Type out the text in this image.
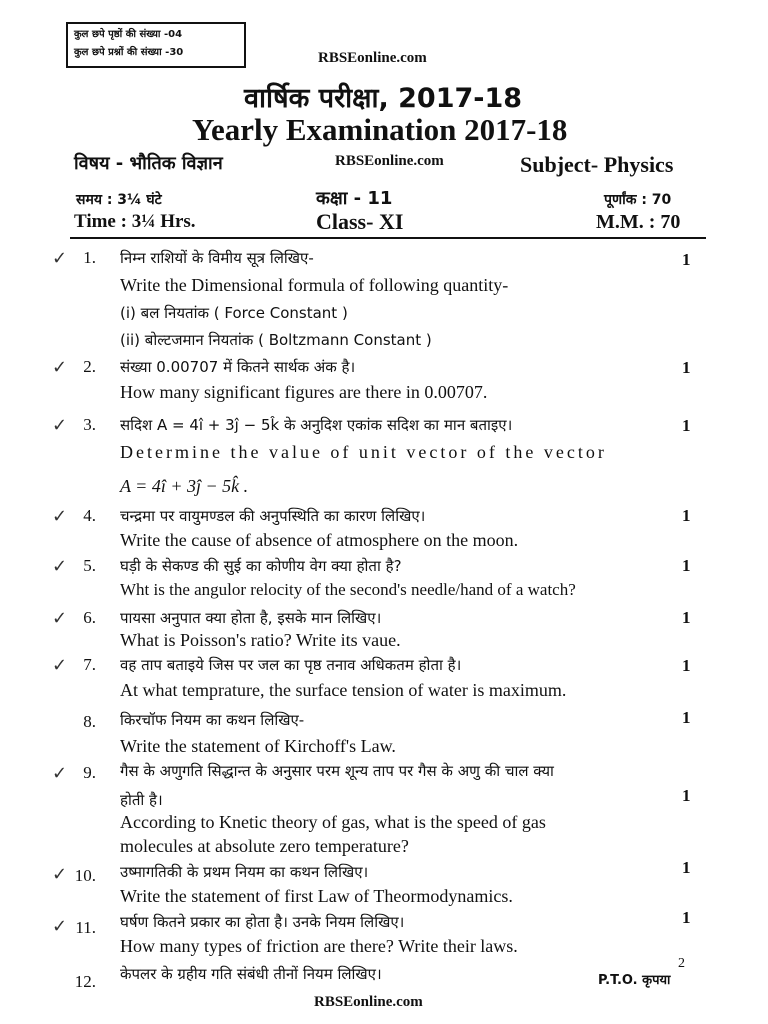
कुल छपे पृष्ठों की संख्या -04
कुल छपे प्रश्नों की संख्या -30	RBSEonline.com
वार्षिक परीक्षा, 2017-18
Yearly Examination 2017-18
विषय - भौतिक विज्ञान	RBSEonline.com	Subject- Physics
समय : 3¼ घंटे	कक्षा - 11	पूर्णांक : 70
Time : 3¼ Hrs.	Class- XI	M.M. : 70
✓ 1. निम्न राशियों के विमीय सूत्र लिखिए-	1
Write the Dimensional formula of following quantity-
(i) बल नियतांक ( Force Constant )
(ii) बोल्टजमान नियतांक ( Boltzmann Constant )
✓ 2. संख्या 0.00707 में कितने सार्थक अंक है।	1
How many significant figures are there in 0.00707.
✓ 3. सदिश A = 4î + 3ĵ − 5k̂ के अनुदिश एकांक सदिश का मान बताइए।	1
Determine the value of unit vector of the vector
A = 4î + 3ĵ − 5k̂ .
✓ 4. चन्द्रमा पर वायुमण्डल की अनुपस्थिति का कारण लिखिए।	1
Write the cause of absence of atmosphere on the moon.
✓ 5. घड़ी के सेकण्ड की सुई का कोणीय वेग क्या होता है?	1
Wht is the angulor relocity of the second's needle/hand of a watch?
✓ 6. पायसा अनुपात क्या होता है, इसके मान लिखिए।	1
What is Poisson's ratio? Write its vaue.
✓ 7. वह ताप बताइये जिस पर जल का पृष्ठ तनाव अधिकतम होता है।	1
At what temprature, the surface tension of water is maximum.
8. किरचॉफ नियम का कथन लिखिए-	1
Write the statement of Kirchoff's Law.
✓ 9. गैस के अणुगति सिद्धान्त के अनुसार परम शून्य ताप पर गैस के अणु की चाल क्या
होती है।	1
According to Knetic theory of gas, what is the speed of gas
molecules at absolute zero temperature?
✓ 10. उष्मागतिकी के प्रथम नियम का कथन लिखिए।	1
Write the statement of first Law of Theormodynamics.
✓ 11. घर्षण कितने प्रकार का होता है। उनके नियम लिखिए।	1
How many types of friction are there? Write their laws.
12. केपलर के ग्रहीय गति संबंधी तीनों नियम लिखिए।
2
P.T.O. कृपया
RBSEonline.com
